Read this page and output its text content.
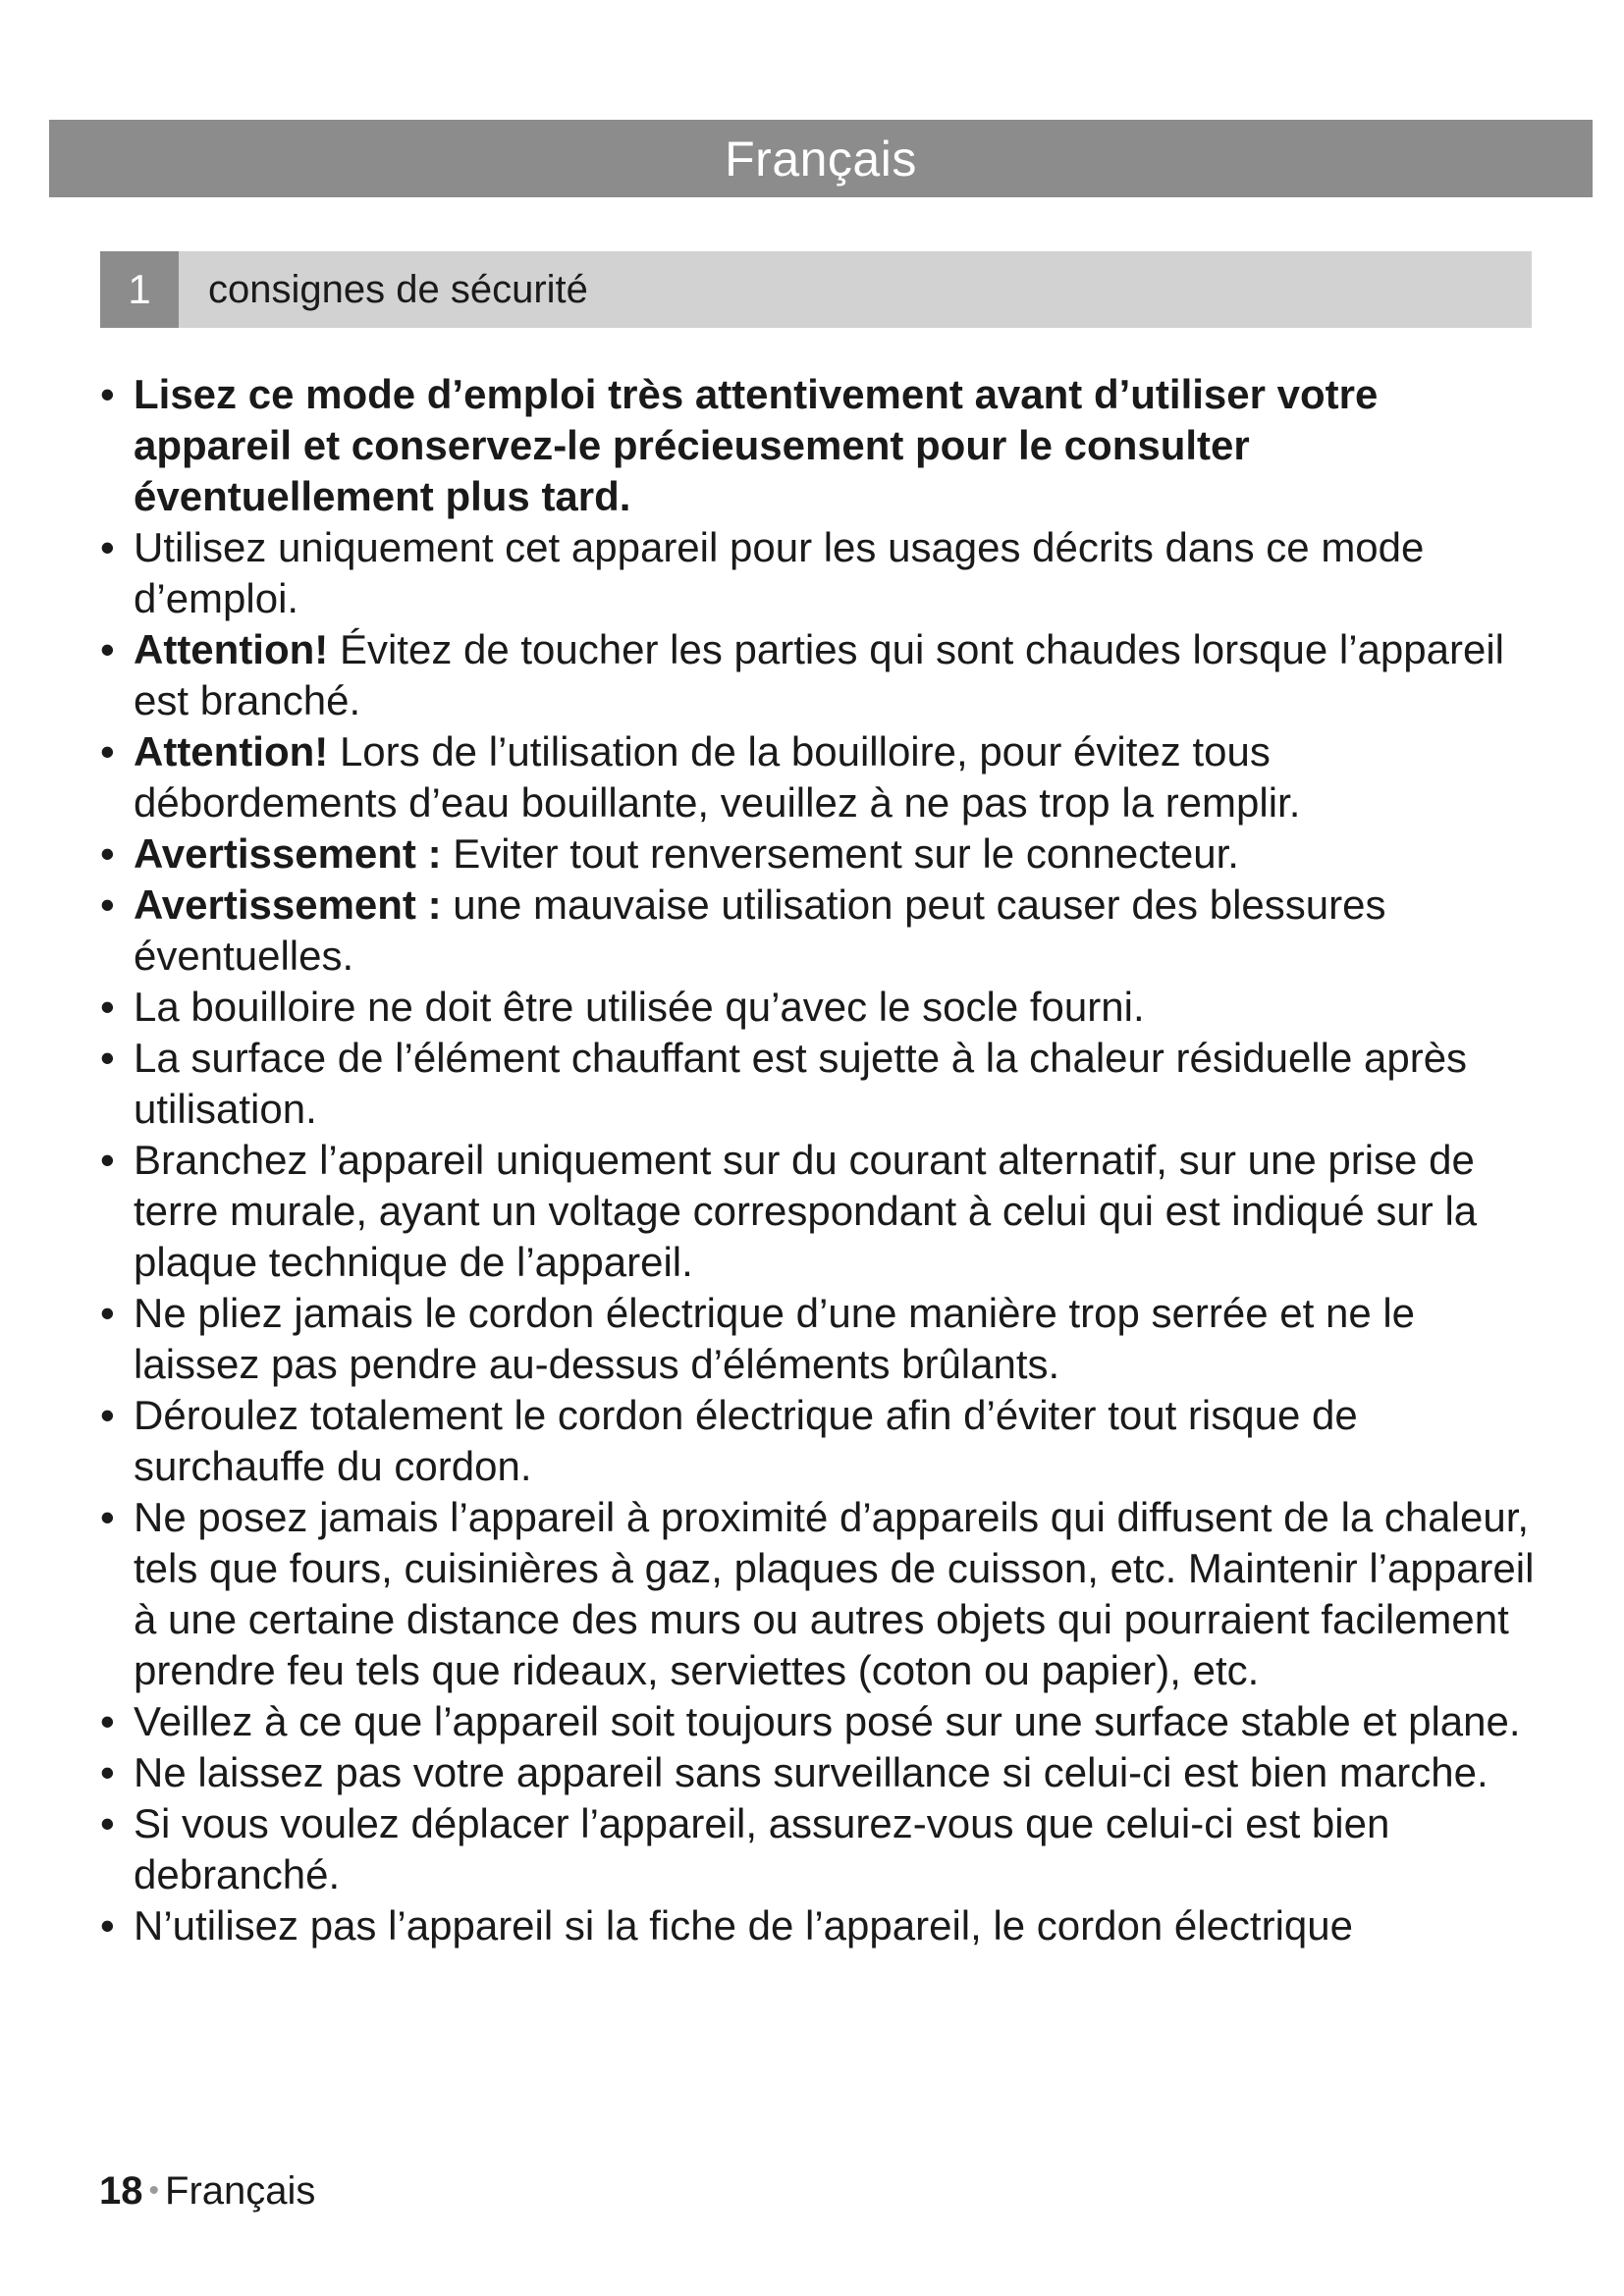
Français
1	consignes de sécurité
• Lisez ce mode d’emploi très attentivement avant d’utiliser votre appareil et conservez-le précieusement pour le consulter éventuellement plus tard.
• Utilisez uniquement cet appareil pour les usages décrits dans ce mode d’emploi.
• Attention! Évitez de toucher les parties qui sont chaudes lorsque l’appareil est branché.
• Attention! Lors de l’utilisation de la bouilloire, pour évitez tous débordements d’eau bouillante, veuillez à ne pas trop la remplir.
• Avertissement : Eviter tout renversement sur le connecteur.
• Avertissement : une mauvaise utilisation peut causer des blessures éventuelles.
• La bouilloire ne doit être utilisée qu’avec le socle fourni.
• La surface de l’élément chauffant est sujette à la chaleur résiduelle après utilisation.
• Branchez l’appareil uniquement sur du courant alternatif, sur une prise de terre murale, ayant un voltage correspondant à celui qui est indiqué sur la plaque technique de l’appareil.
• Ne pliez jamais le cordon électrique d’une manière trop serrée et ne le laissez pas pendre au-dessus d’éléments brûlants.
• Déroulez totalement le cordon électrique afin d’éviter tout risque de surchauffe du cordon.
• Ne posez jamais l’appareil à proximité d’appareils qui diffusent de la chaleur, tels que fours, cuisinières à gaz, plaques de cuisson, etc. Maintenir l’appareil à une certaine distance des murs ou autres objets qui pourraient facilement prendre feu tels que rideaux, serviettes (coton ou papier), etc.
• Veillez à ce que l’appareil soit toujours posé sur une surface stable et plane.
• Ne laissez pas votre appareil sans surveillance si celui-ci est bien marche.
• Si vous voulez déplacer l’appareil, assurez-vous que celui-ci est bien debranché.
• N’utilisez pas l’appareil si la fiche de l’appareil, le cordon électrique
18 • Français
